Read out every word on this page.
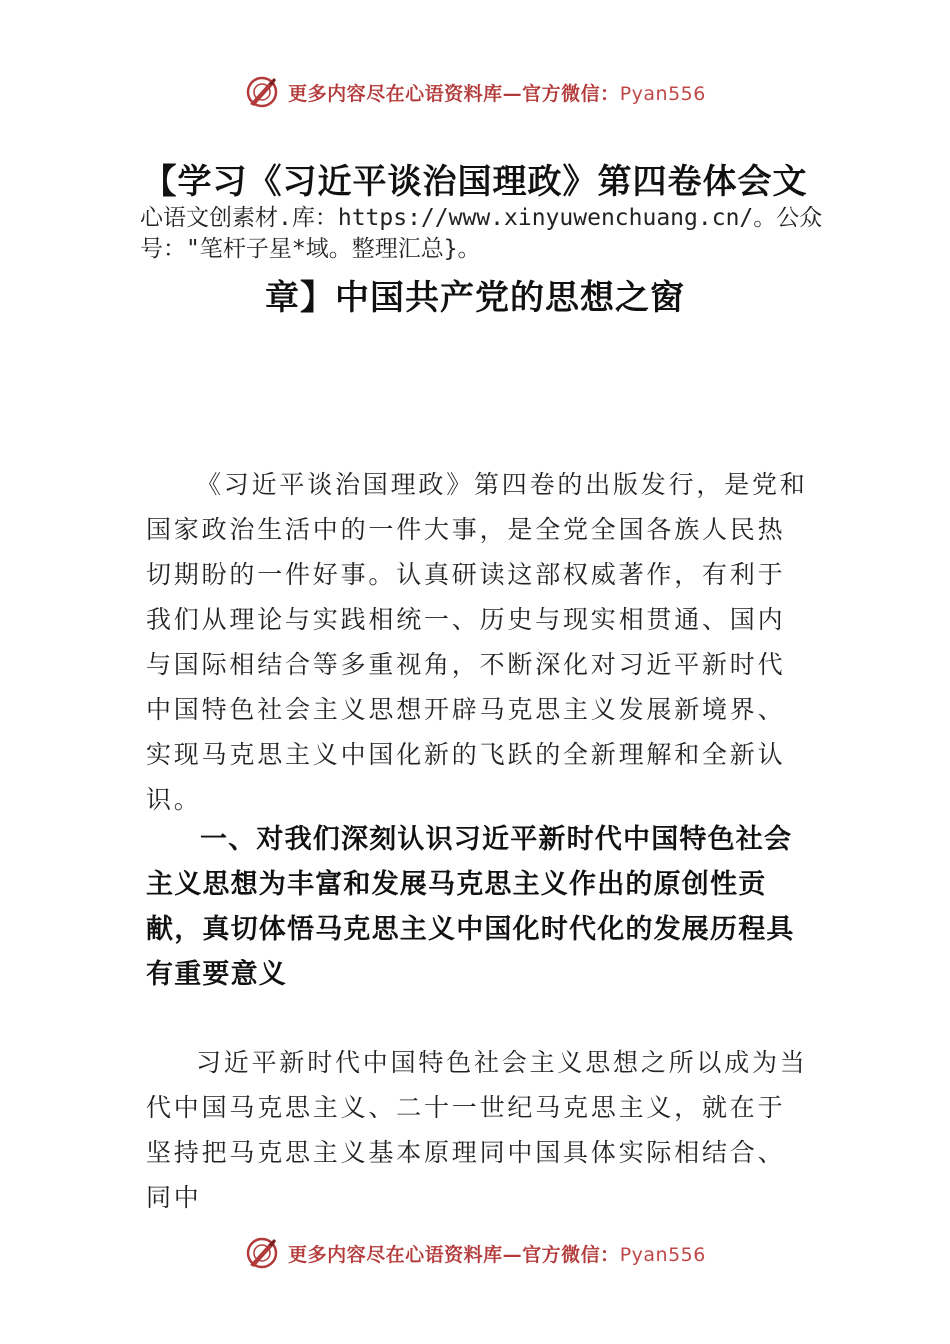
更多内容尽在心语资料库—官方微信：Pyan556
【学习《习近平谈治国理政》第四卷体会文
心语文创素材.库：https://www.xinyuwenchuang.cn/。公众号："笔杆子星*域。整理汇总}。
章】中国共产党的思想之窗

《习近平谈治国理政》第四卷的出版发行，是党和国家政治生活中的一件大事，是全党全国各族人民热切期盼的一件好事。认真研读这部权威著作，有利于我们从理论与实践相统一、历史与现实相贯通、国内与国际相结合等多重视角，不断深化对习近平新时代中国特色社会主义思想开辟马克思主义发展新境界、实现马克思主义中国化新的飞跃的全新理解和全新认识。

一、对我们深刻认识习近平新时代中国特色社会主义思想为丰富和发展马克思主义作出的原创性贡献，真切体悟马克思主义中国化时代化的发展历程具有重要意义

习近平新时代中国特色社会主义思想之所以成为当代中国马克思主义、二十一世纪马克思主义，就在于坚持把马克思主义基本原理同中国具体实际相结合、同中

更多内容尽在心语资料库—官方微信：Pyan556
